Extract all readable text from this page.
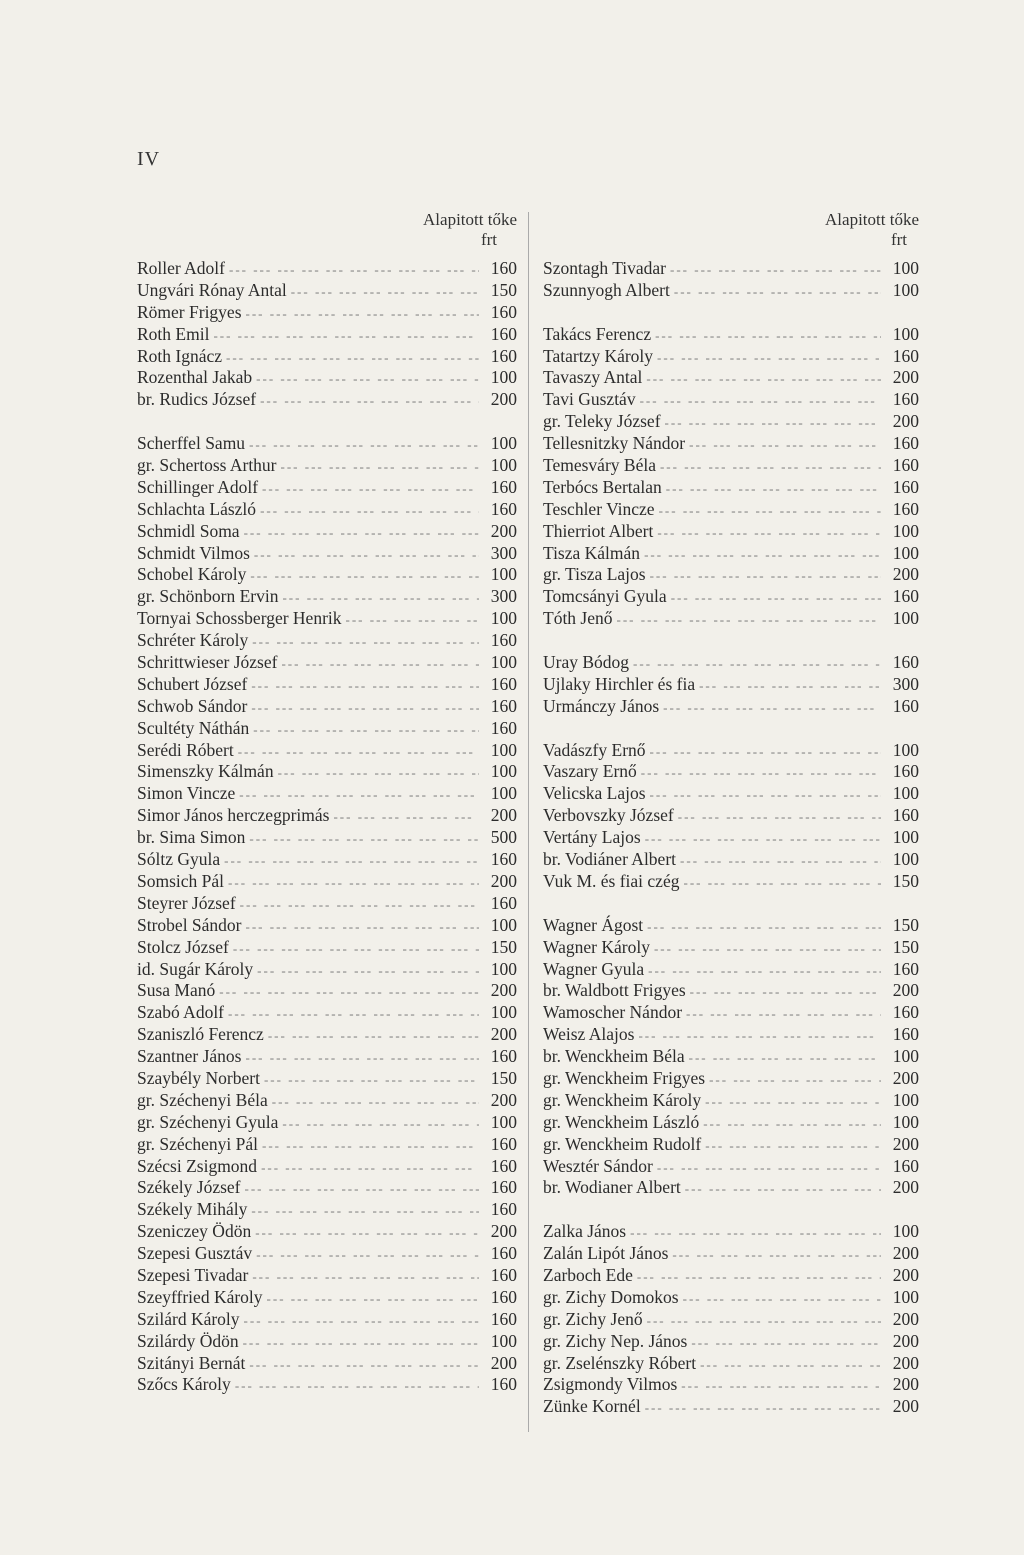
IV
Alapitott tőke
frt
Roller Adolf --- -	160
Ungvári Rónay Antal --- -	150
Römer Frigyes --- -	160
Roth Emil --- -	160
Roth Ignácz --- -	160
Rozenthal Jakab --- -	100
br. Rudics József --- -	200
Scherffel Samu --- -	100
gr. Schertoss Arthur --- -	100
Schillinger Adolf --- -	160
Schlachta László --- -	160
Schmidl Soma --- -	200
Schmidt Vilmos --- -	300
Schobel Károly --- -	100
gr. Schönborn Ervin --- -	300
Tornyai Schossberger Henrik --- -	100
Schréter Károly --- -	160
Schrittwieser József --- -	100
Schubert József --- -	160
Schwob Sándor --- -	160
Scultéty Náthán --- -	160
Serédi Róbert --- -	100
Simenszky Kálmán --- -	100
Simon Vincze --- -	100
Simor János herczegprimás --- -	200
br. Sima Simon --- -	500
Sóltz Gyula --- -	160
Somsich Pál --- -	200
Steyrer József --- -	160
Strobel Sándor --- -	100
Stolcz József --- -	150
id. Sugár Károly --- -	100
Susa Manó --- -	200
Szabó Adolf --- -	100
Szaniszló Ferencz --- -	200
Szantner János --- -	160
Szaybély Norbert --- -	150
gr. Széchenyi Béla --- -	200
gr. Széchenyi Gyula --- -	100
gr. Széchenyi Pál --- -	160
Szécsi Zsigmond --- -	160
Székely József --- -	160
Székely Mihály --- -	160
Szeniczey Ödön --- -	200
Szepesi Gusztáv --- -	160
Szepesi Tivadar --- -	160
Szeyffried Károly --- -	160
Szilárd Károly --- -	160
Szilárdy Ödön --- -	100
Szitányi Bernát --- -	200
Szőcs Károly --- -	160
Alapitott tőke
frt
Szontagh Tivadar --- -	100
Szunnyogh Albert --- -	100
Takács Ferencz --- -	100
Tatartzy Károly --- -	160
Tavaszy Antal --- -	200
Tavi Gusztáv --- -	160
gr. Teleky József --- -	200
Tellesnitzky Nándor --- -	160
Temesváry Béla --- -	160
Terbócs Bertalan --- -	160
Teschler Vincze --- -	160
Thierriot Albert --- -	100
Tisza Kálmán --- -	100
gr. Tisza Lajos --- -	200
Tomcsányi Gyula --- -	160
Tóth Jenő --- -	100
Uray Bódog --- -	160
Ujlaky Hirchler és fia --- -	300
Urmánczy János --- -	160
Vadászfy Ernő --- -	100
Vaszary Ernő --- -	160
Velicska Lajos --- -	100
Verbovszky József --- -	160
Vertány Lajos --- -	100
br. Vodiáner Albert --- -	100
Vuk M. és fiai czég --- -	150
Wagner Ágost --- -	150
Wagner Károly --- -	150
Wagner Gyula --- -	160
br. Waldbott Frigyes --- -	200
Wamoscher Nándor --- -	160
Weisz Alajos --- -	160
br. Wenckheim Béla --- -	100
gr. Wenckheim Frigyes --- -	200
gr. Wenckheim Károly --- -	100
gr. Wenckheim László --- -	100
gr. Wenckheim Rudolf --- -	200
Wesztér Sándor --- -	160
br. Wodianer Albert --- -	200
Zalka János --- -	100
Zalán Lipót János --- -	200
Zarboch Ede --- -	200
gr. Zichy Domokos --- -	100
gr. Zichy Jenő --- -	200
gr. Zichy Nep. János --- -	200
gr. Zselénszky Róbert --- -	200
Zsigmondy Vilmos --- -	200
Zünke Kornél --- -	200
